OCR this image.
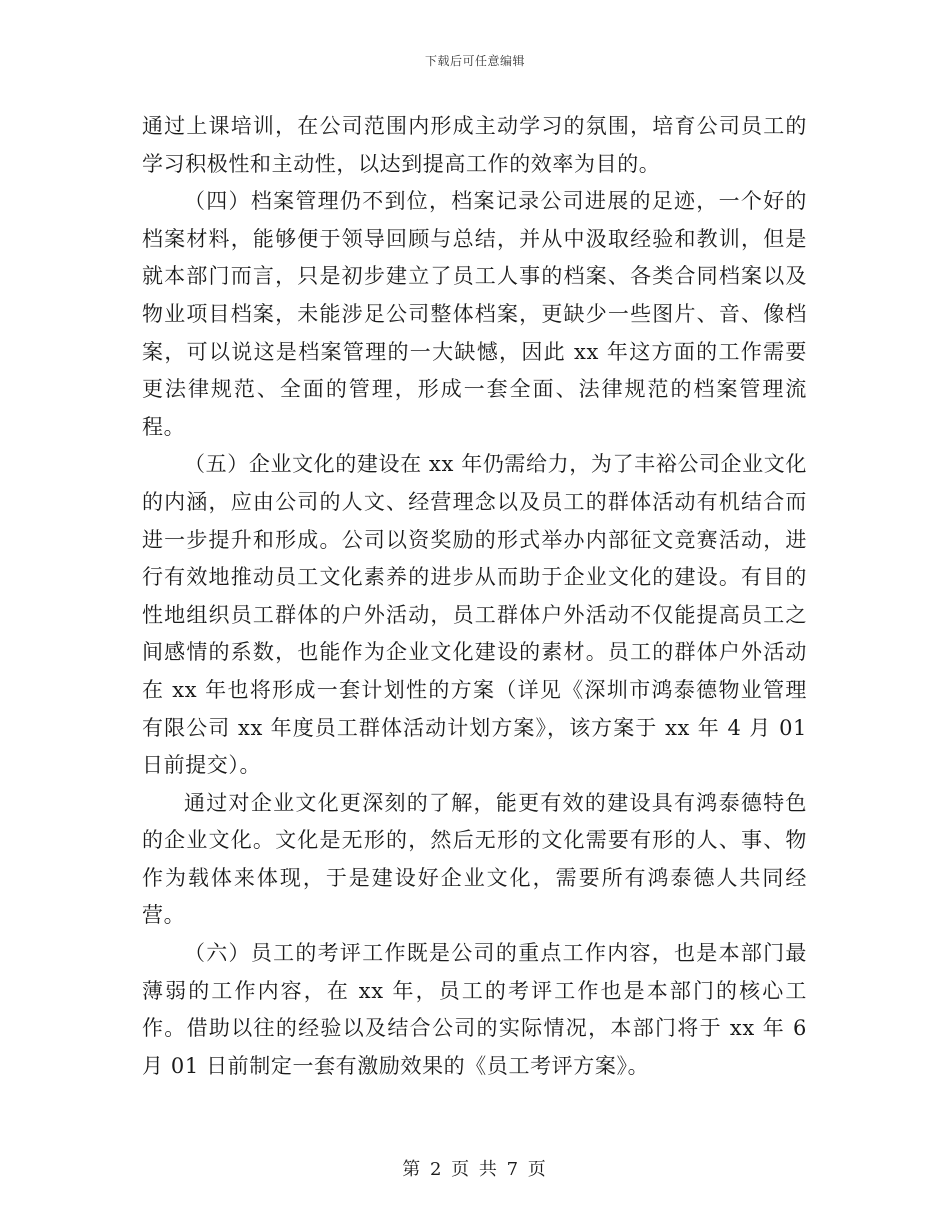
下载后可任意编辑

通过上课培训，在公司范围内形成主动学习的氛围，培育公司员工的学习积极性和主动性，以达到提高工作的效率为目的。

（四）档案管理仍不到位，档案记录公司进展的足迹，一个好的档案材料，能够便于领导回顾与总结，并从中汲取经验和教训，但是就本部门而言，只是初步建立了员工人事的档案、各类合同档案以及物业项目档案，未能涉足公司整体档案，更缺少一些图片、音、像档案，可以说这是档案管理的一大缺憾，因此 xx 年这方面的工作需要更法律规范、全面的管理，形成一套全面、法律规范的档案管理流程。

（五）企业文化的建设在 xx 年仍需给力，为了丰裕公司企业文化的内涵，应由公司的人文、经营理念以及员工的群体活动有机结合而进一步提升和形成。公司以资奖励的形式举办内部征文竞赛活动，进行有效地推动员工文化素养的进步从而助于企业文化的建设。有目的性地组织员工群体的户外活动，员工群体户外活动不仅能提高员工之间感情的系数，也能作为企业文化建设的素材。员工的群体户外活动在 xx 年也将形成一套计划性的方案（详见《深圳市鸿泰德物业管理有限公司 xx 年度员工群体活动计划方案》，该方案于 xx 年 4 月 01 日前提交）。

通过对企业文化更深刻的了解，能更有效的建设具有鸿泰德特色的企业文化。文化是无形的，然后无形的文化需要有形的人、事、物作为载体来体现，于是建设好企业文化，需要所有鸿泰德人共同经营。

（六）员工的考评工作既是公司的重点工作内容，也是本部门最薄弱的工作内容，在 xx 年，员工的考评工作也是本部门的核心工作。借助以往的经验以及结合公司的实际情况，本部门将于 xx 年 6 月 01 日前制定一套有激励效果的《员工考评方案》。

第 2 页 共 7 页
